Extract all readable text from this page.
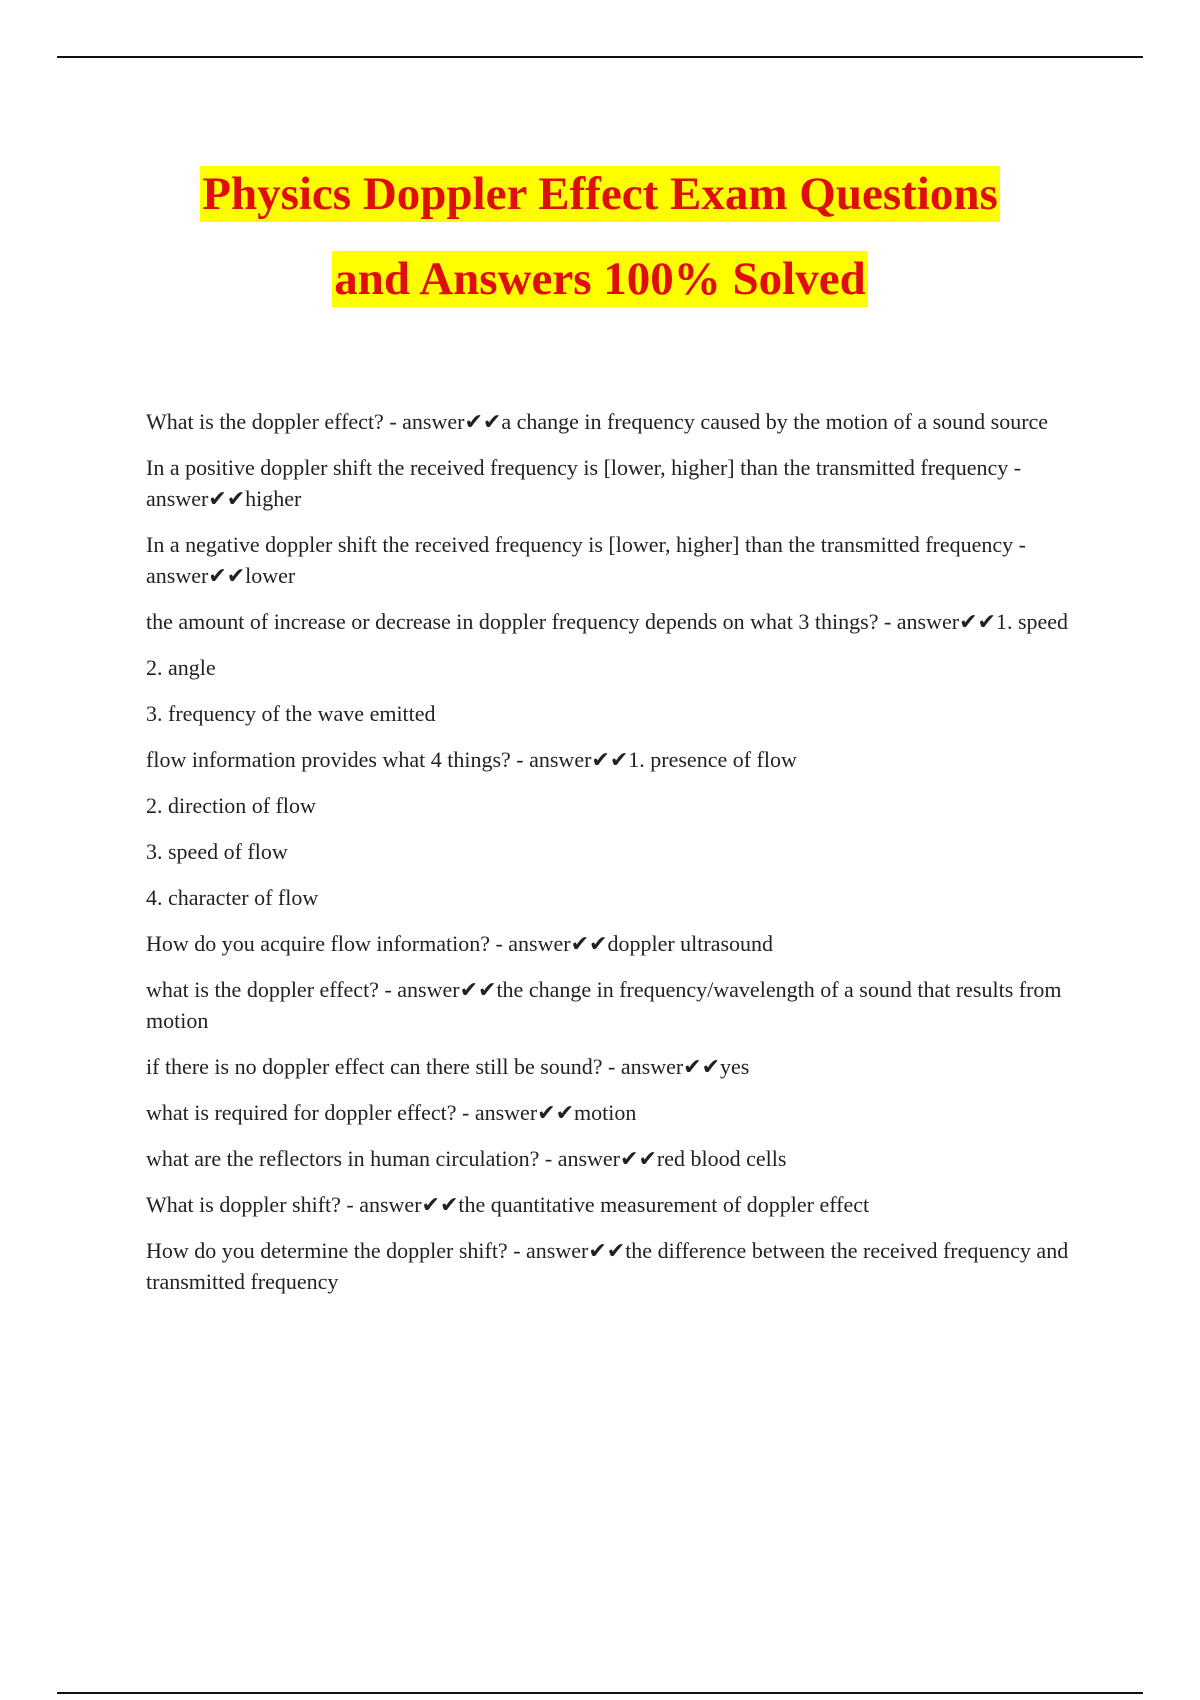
Physics Doppler Effect Exam Questions
and Answers 100% Solved
What is the doppler effect? - answer✔✔a change in frequency caused by the motion of a sound source
In a positive doppler shift the received frequency is [lower, higher] than the transmitted frequency - answer✔✔higher
In a negative doppler shift the received frequency is [lower, higher] than the transmitted frequency - answer✔✔lower
the amount of increase or decrease in doppler frequency depends on what 3 things? - answer✔✔1. speed
2. angle
3. frequency of the wave emitted
flow information provides what 4 things? - answer✔✔1. presence of flow
2. direction of flow
3. speed of flow
4. character of flow
How do you acquire flow information? - answer✔✔doppler ultrasound
what is the doppler effect? - answer✔✔the change in frequency/wavelength of a sound that results from motion
if there is no doppler effect can there still be sound? - answer✔✔yes
what is required for doppler effect? - answer✔✔motion
what are the reflectors in human circulation? - answer✔✔red blood cells
What is doppler shift? - answer✔✔the quantitative measurement of doppler effect
How do you determine the doppler shift? - answer✔✔the difference between the received frequency and transmitted frequency
